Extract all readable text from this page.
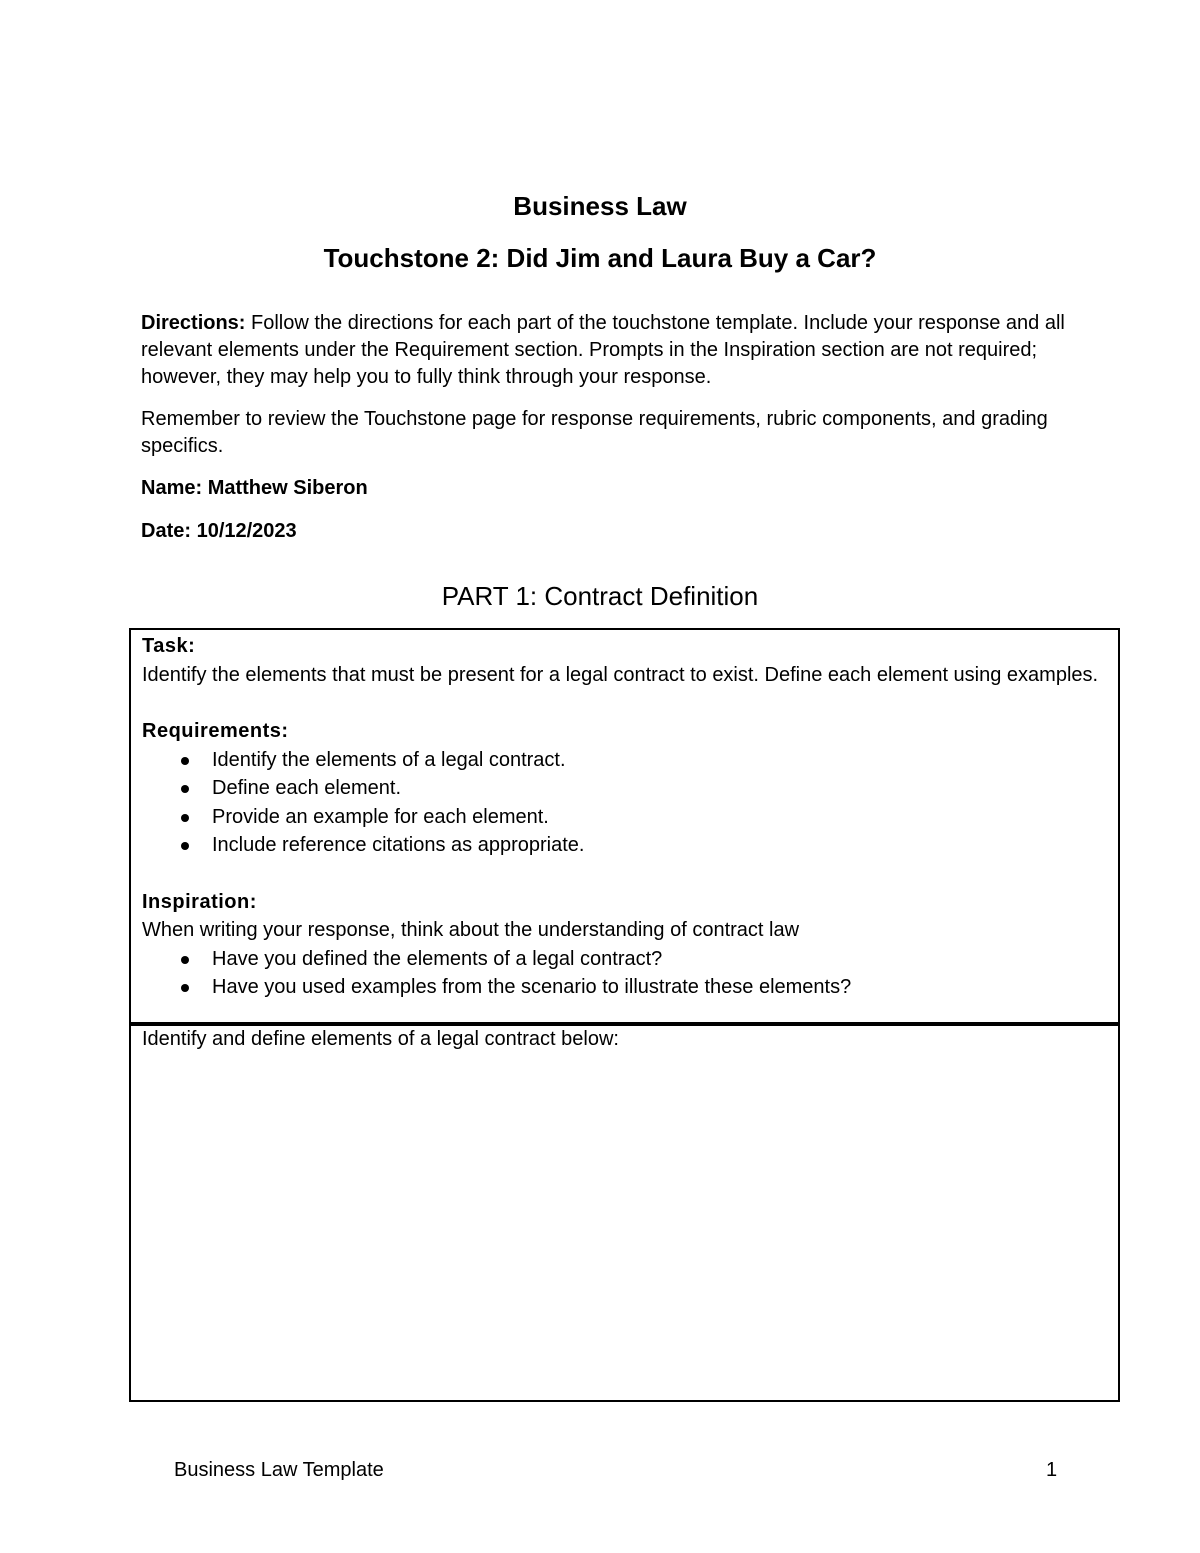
Business Law
Touchstone 2: Did Jim and Laura Buy a Car?

Directions: Follow the directions for each part of the touchstone template. Include your response and all relevant elements under the Requirement section. Prompts in the Inspiration section are not required; however, they may help you to fully think through your response.

Remember to review the Touchstone page for response requirements, rubric components, and grading specifics.

Name: Matthew Siberon

Date: 10/12/2023

PART 1: Contract Definition
Task:
Identify the elements that must be present for a legal contract to exist. Define each element using examples.
Requirements:
Identify the elements of a legal contract.
Define each element.
Provide an example for each element.
Include reference citations as appropriate.
Inspiration:
When writing your response, think about the understanding of contract law
Have you defined the elements of a legal contract?
Have you used examples from the scenario to illustrate these elements?
Identify and define elements of a legal contract below:
Business Law Template	1
